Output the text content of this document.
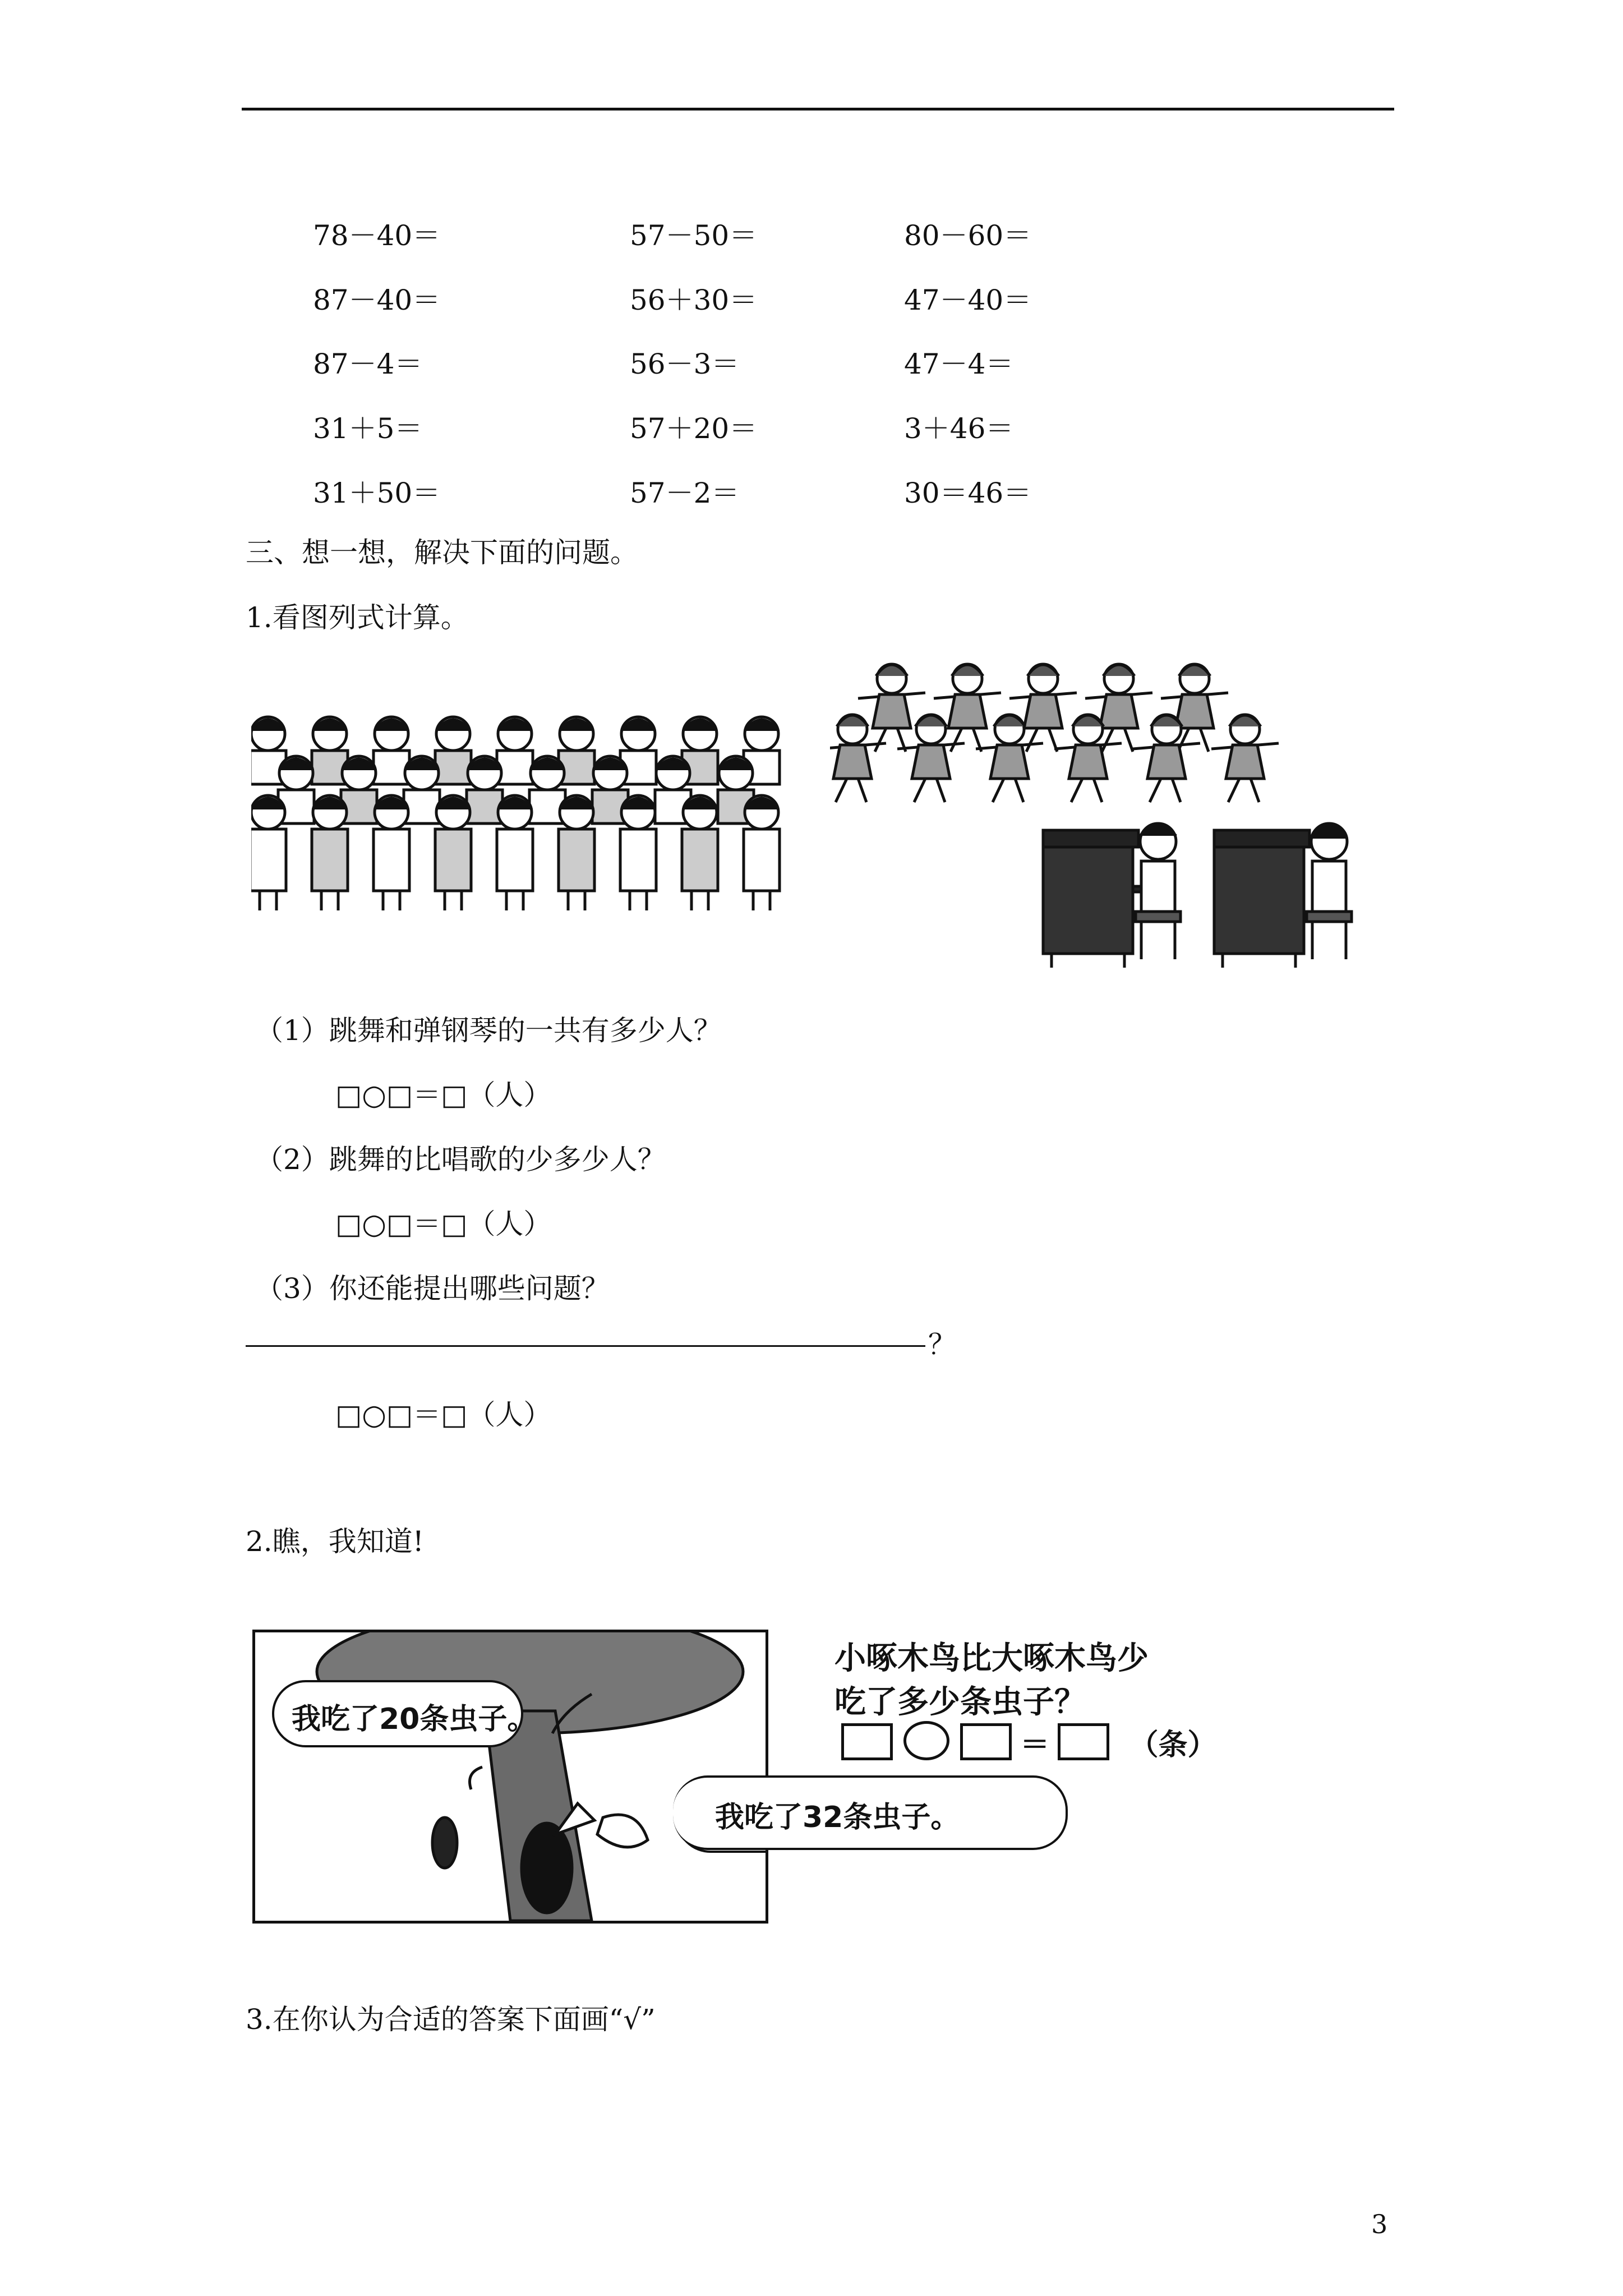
78－40＝	57－50＝	80－60＝
87－40＝	56＋30＝	47－40＝
87－4＝	56－3＝	47－4＝
31＋5＝	57＋20＝	3＋46＝
31＋50＝	57－2＝	30＝46＝
三、想一想，解决下面的问题。
1.看图列式计算。
（1）跳舞和弹钢琴的一共有多少人？
□○□＝□（人）
（2）跳舞的比唱歌的少多少人？
□○□＝□（人）
（3）你还能提出哪些问题？
？
□○□＝□（人）
2.瞧，我知道!
我吃了20条虫子。
我吃了32条虫子。
小啄木鸟比大啄木鸟少
吃了多少条虫子？
＝	（条）
3.在你认为合适的答案下面画“√”
3
